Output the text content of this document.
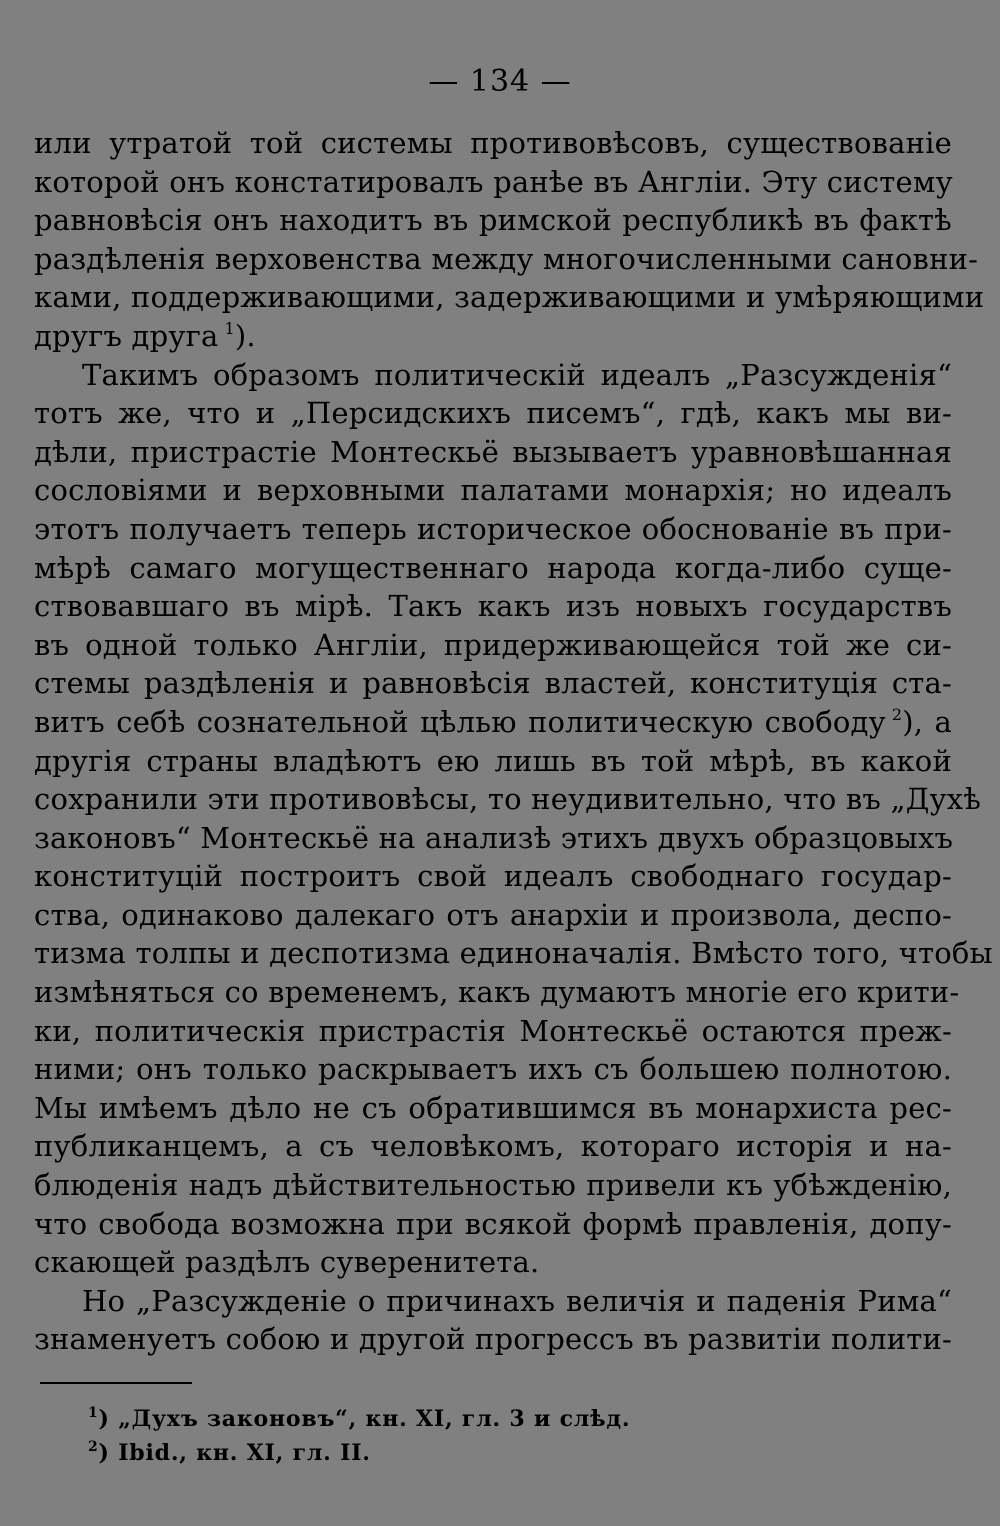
— 134 —

или утратой той системы противовѣсовъ, существованіе
которой онъ констатировалъ ранѣе въ Англіи. Эту систему
равновѣсія онъ находитъ въ римской республикѣ въ фактѣ
раздѣленія верховенства между многочисленными сановни-
ками, поддерживающими, задерживающими и умѣряющими
другъ друга  $^1$).

Такимъ образомъ политическій идеалъ „Разсужденія“
тотъ же, что и „Персидскихъ писемъ“, гдѣ, какъ мы ви-
дѣли, пристрастіе Монтескьё вызываетъ уравновѣшанная
сословіями и верховными палатами монархія; но идеалъ
этотъ получаетъ теперь историческое обоснованіе въ при-
мѣрѣ самаго могущественнаго народа когда-либо суще-
ствовавшаго въ мірѣ. Такъ какъ изъ новыхъ государствъ
въ одной только Англіи, придерживающейся той же си-
стемы раздѣленія и равновѣсія властей, конституція ста-
витъ себѣ сознательной цѣлью политическую свободу  $^2$), а
другія страны владѣютъ ею лишь въ той мѣрѣ, въ какой
сохранили эти противовѣсы, то неудивительно, что въ „Духѣ
законовъ“ Монтескьё на анализѣ этихъ двухъ образцовыхъ
конституцій построитъ свой идеалъ свободнаго государ-
ства, одинаково далекаго отъ анархіи и произвола, деспо-
тизма толпы и деспотизма единоначалія. Вмѣсто того, чтобы
измѣняться со временемъ, какъ думаютъ многіе его крити-
ки, политическія пристрастія Монтескьё остаются преж-
ними; онъ только раскрываетъ ихъ съ большею полнотою.
Мы имѣемъ дѣло не съ обратившимся въ монархиста рес-
публиканцемъ, а съ человѣкомъ, котораго исторія и на-
блюденія надъ дѣйствительностью привели къ убѣжденію,
что свобода возможна при всякой формѣ правленія, допу-
скающей раздѣлъ суверенитета.

Но „Разсужденіе о причинахъ величія и паденія Рима“
знаменуетъ собою и другой прогрессъ въ развитіи полити-

$^1$) „Духъ законовъ“, кн. XI, гл. 3 и слѣд.
$^2$) Ibid., кн. XI, гл. II.
